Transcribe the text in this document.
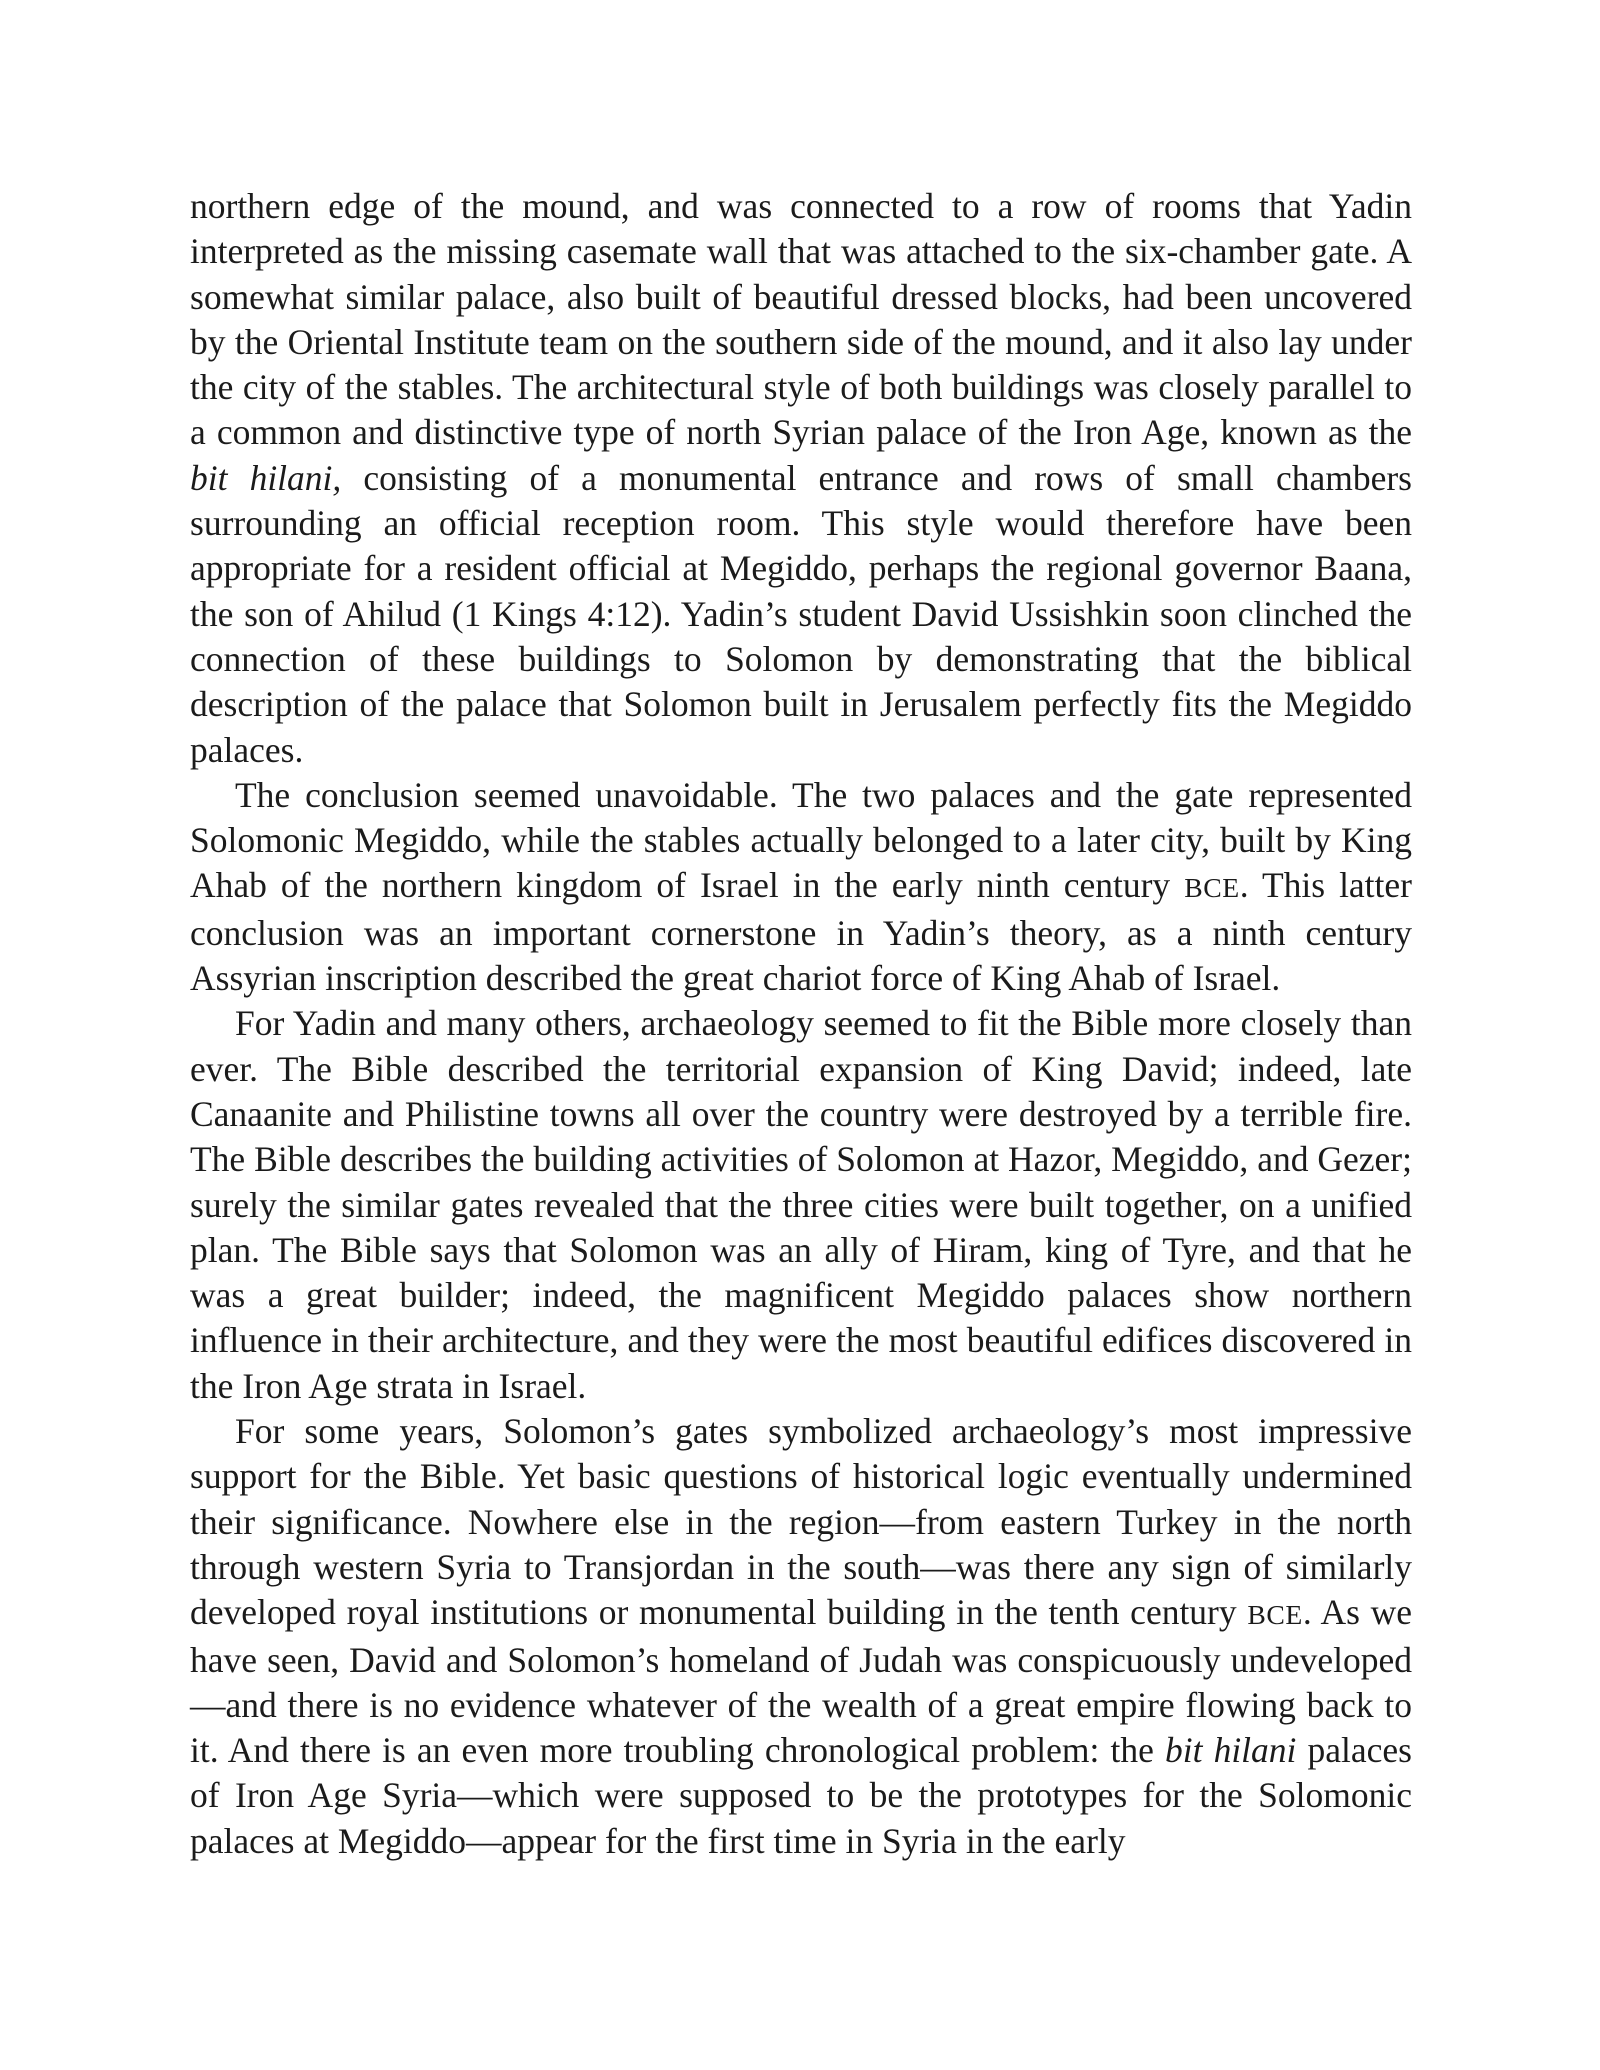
northern edge of the mound, and was connected to a row of rooms that Yadin interpreted as the missing casemate wall that was attached to the six-chamber gate. A somewhat similar palace, also built of beautiful dressed blocks, had been uncovered by the Oriental Institute team on the southern side of the mound, and it also lay under the city of the stables. The architectural style of both buildings was closely parallel to a common and distinctive type of north Syrian palace of the Iron Age, known as the bit hilani, consisting of a monumental entrance and rows of small chambers surrounding an official reception room. This style would therefore have been appropriate for a resident official at Megiddo, perhaps the regional governor Baana, the son of Ahilud (1 Kings 4:12). Yadin’s student David Ussishkin soon clinched the connection of these buildings to Solomon by demonstrating that the biblical description of the palace that Solomon built in Jerusalem perfectly fits the Megiddo palaces.

The conclusion seemed unavoidable. The two palaces and the gate represented Solomonic Megiddo, while the stables actually belonged to a later city, built by King Ahab of the northern kingdom of Israel in the early ninth century BCE. This latter conclusion was an important cornerstone in Yadin’s theory, as a ninth century Assyrian inscription described the great chariot force of King Ahab of Israel.

For Yadin and many others, archaeology seemed to fit the Bible more closely than ever. The Bible described the territorial expansion of King David; indeed, late Canaanite and Philistine towns all over the country were destroyed by a terrible fire. The Bible describes the building activities of Solomon at Hazor, Megiddo, and Gezer; surely the similar gates revealed that the three cities were built together, on a unified plan. The Bible says that Solomon was an ally of Hiram, king of Tyre, and that he was a great builder; indeed, the magnificent Megiddo palaces show northern influence in their architecture, and they were the most beautiful edifices discovered in the Iron Age strata in Israel.

For some years, Solomon’s gates symbolized archaeology’s most impressive support for the Bible. Yet basic questions of historical logic eventually undermined their significance. Nowhere else in the region—from eastern Turkey in the north through western Syria to Transjordan in the south—was there any sign of similarly developed royal institutions or monumental building in the tenth century BCE. As we have seen, David and Solomon’s homeland of Judah was conspicuously undeveloped—and there is no evidence whatever of the wealth of a great empire flowing back to it. And there is an even more troubling chronological problem: the bit hilani palaces of Iron Age Syria—which were supposed to be the prototypes for the Solomonic palaces at Megiddo—appear for the first time in Syria in the early
